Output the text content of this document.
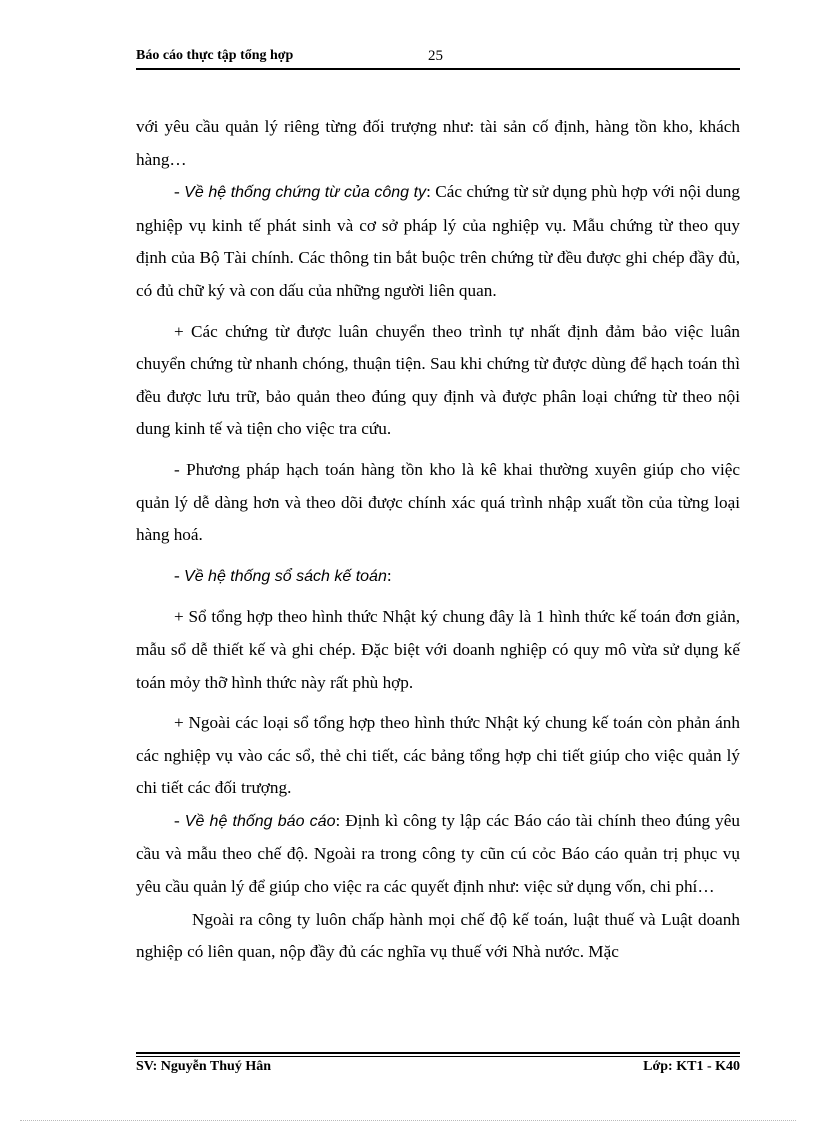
Báo cáo thực tập tổng hợp	25

với yêu cầu quản lý riêng từng đối trượng như: tài sản cố định, hàng tồn kho, khách hàng…

- Về hệ thống chứng từ của công ty: Các chứng từ sử dụng phù hợp với nội dung nghiệp vụ kinh tế phát sinh và cơ sở pháp lý của nghiệp vụ. Mẫu chứng từ theo quy định của Bộ Tài chính. Các thông tin bắt buộc trên chứng từ đều được ghi chép đầy đủ, có đủ chữ ký và con dấu của những người liên quan.

+ Các chứng từ được luân chuyển theo trình tự nhất định đảm bảo việc luân chuyển chứng từ nhanh chóng, thuận tiện. Sau khi chứng từ được dùng để hạch toán thì đều được lưu trữ, bảo quản theo đúng quy định và được phân loại chứng từ theo nội dung kinh tế và tiện cho việc tra cứu.

- Phương pháp hạch toán hàng tồn kho là kê khai thường xuyên giúp cho việc quản lý dễ dàng hơn và theo dõi được chính xác quá trình nhập xuất tồn của từng loại hàng hoá.

- Về hệ thống sổ sách kế toán:

+ Sổ tổng hợp theo hình thức Nhật ký chung đây là 1 hình thức kế toán đơn giản, mẫu sổ dễ thiết kế và ghi chép. Đặc biệt với doanh nghiệp có quy mô vừa sử dụng kế toán mỏy thỡ hình thức này rất phù hợp.

+ Ngoài các loại sổ tổng hợp theo hình thức Nhật ký chung kế toán còn phản ánh các nghiệp vụ vào các sổ, thẻ chi tiết, các bảng tổng hợp chi tiết giúp cho việc quản lý chi tiết các đối trượng.

- Về hệ thống báo cáo: Định kì công ty lập các Báo cáo tài chính theo đúng yêu cầu và mẫu theo chế độ. Ngoài ra trong công ty cũn cú cỏc Báo cáo quản trị phục vụ yêu cầu quản lý để giúp cho việc ra các quyết định như: việc sử dụng vốn, chi phí…

Ngoài ra công ty luôn chấp hành mọi chế độ kế toán, luật thuế và Luật doanh nghiệp có liên quan, nộp đầy đủ các nghĩa vụ thuế với Nhà nước. Mặc

SV: Nguyễn Thuý Hân	Lớp: KT1 - K40
